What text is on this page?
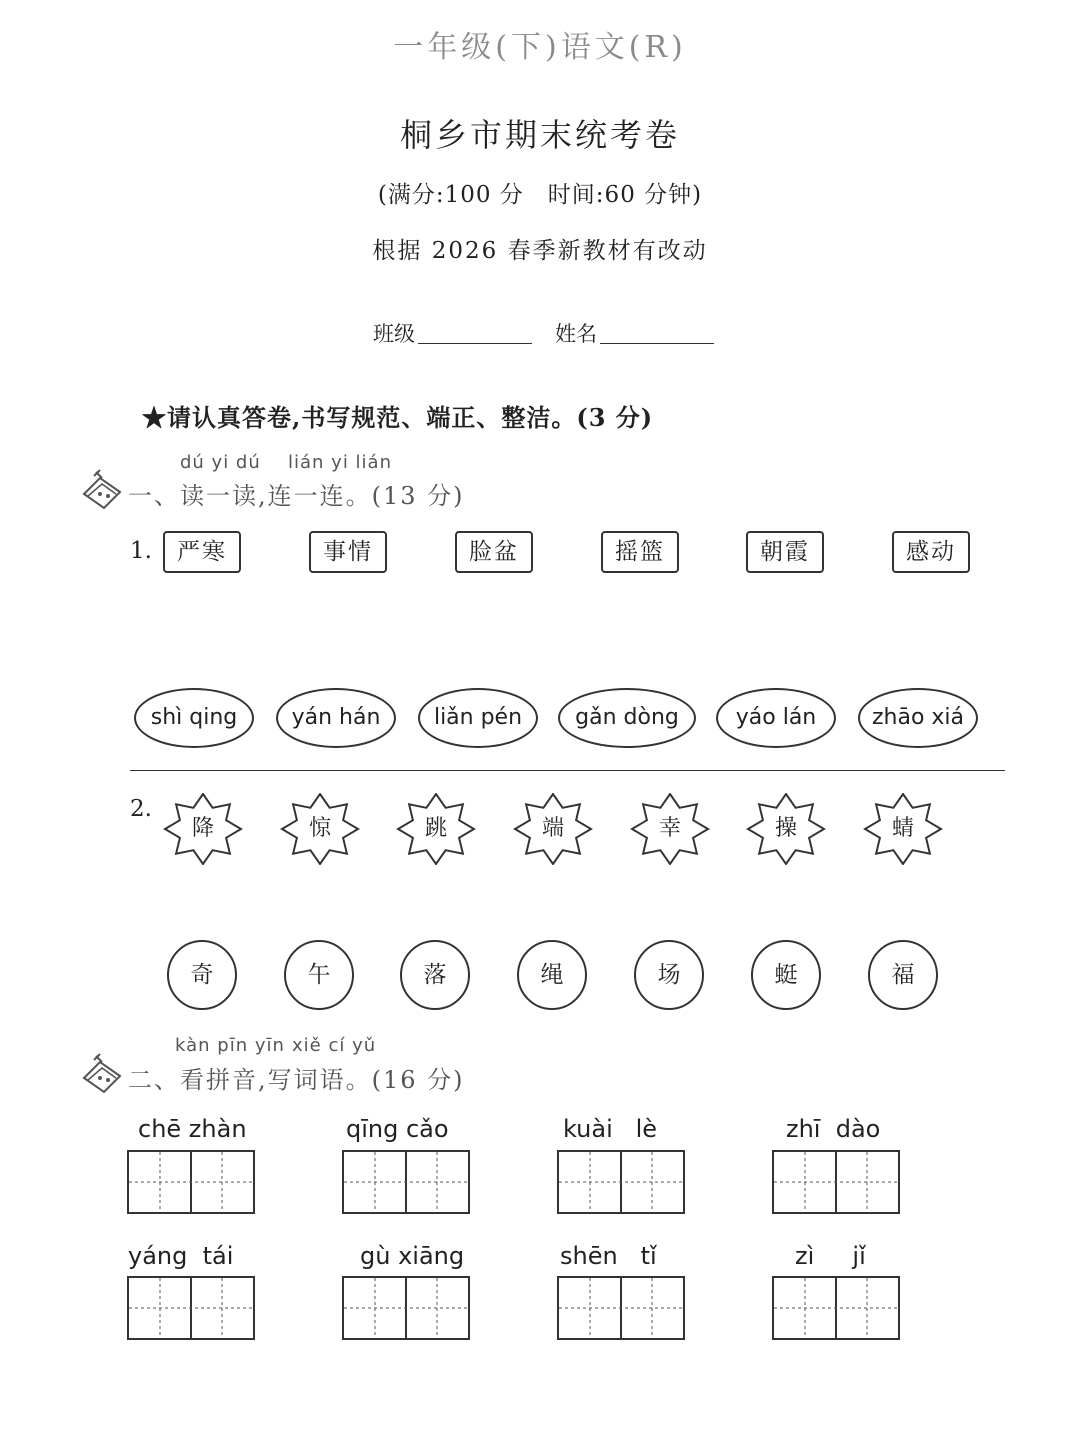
一年级(下)语文(R)
桐乡市期末统考卷
(满分:100 分　时间:60 分钟)
根据 2026 春季新教材有改动
班级	姓名
★请认真答卷,书写规范、端正、整洁。(3 分)
dú yi dú lián yi lián
一、读一读,连一连。(13 分)
1.	严寒	事情	脸盆	摇篮	朝霞	感动
shì qing	yán hán	liǎn pén	gǎn dòng	yáo lán	zhāo xiá
2.
降	惊	跳	端	幸	操	蜻
奇	午	落	绳	场	蜓	福
kàn pīn yīn xiě cí yǔ
二、看拼音,写词语。(16 分)
chē zhàn	qīng cǎo	kuài   lè	zhī  dào
yáng  tái	gù xiāng	shēn   tǐ	zì     jǐ
